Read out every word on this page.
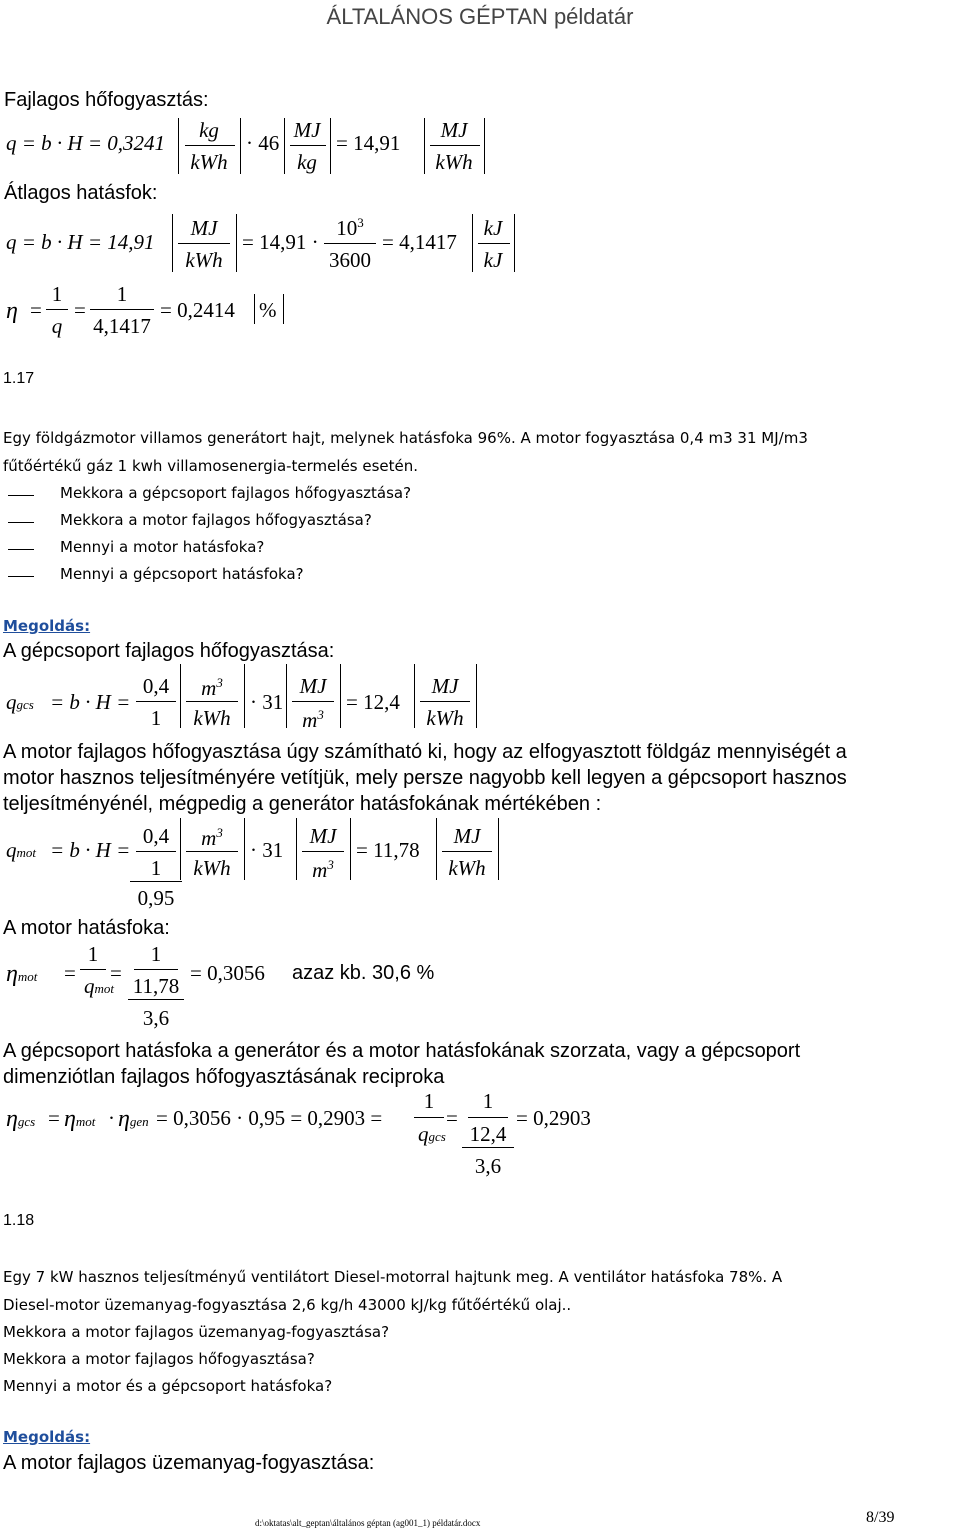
ÁLTALÁNOS GÉPTAN példatár
Fajlagos hőfogyasztás:
q = b · H = 0,3241
kg
kWh
· 46
MJ
kg
= 14,91
MJ
kWh
Átlagos hatásfok:
q = b · H = 14,91
MJ
kWh
= 14,91 ·
$10^3$
3600
= 4,1417
kJ
kJ
η =
1
q
=
1
4,1417
= 0,2414 %
1.17
Egy földgázmotor villamos generátort hajt, melynek hatásfoka 96%. A motor fogyasztása 0,4 m3 31 MJ/m3
fűtőértékű gáz 1 kwh villamosenergia-termelés esetén.
Mekkora a gépcsoport fajlagos hőfogyasztása?
Mekkora a motor fajlagos hőfogyasztása?
Mennyi a motor hatásfoka?
Mennyi a gépcsoport hatásfoka?
Megoldás:
A gépcsoport fajlagos hőfogyasztása:
qgcs = b · H =
0,4
1
$m^3$
kWh
· 31
MJ
$m^3$
= 12,4
MJ
kWh
A motor fajlagos hőfogyasztása úgy számítható ki, hogy az elfogyasztott földgáz mennyiségét a
motor hasznos teljesítményére vetítjük, mely persze nagyobb kell legyen a gépcsoport hasznos
teljesítményénél, mégpedig a generátor hatásfokának mértékében :
qmot = b · H =
0,4
1
0,95
$m^3$
kWh
· 31
MJ
$m^3$
= 11,78
MJ
kWh
A motor hatásfoka:
ηmot =
1
qmot
=
1
11,78
3,6
= 0,3056 azaz kb. 30,6 %
A gépcsoport hatásfoka a generátor és a motor hatásfokának szorzata, vagy a gépcsoport
dimenziótlan fajlagos hőfogyasztásának reciproka
ηgcs = ηmot · ηgen = 0,3056 · 0,95 = 0,2903 =
1
qgcs
=
1
12,4
3,6
= 0,2903
1.18
Egy 7 kW hasznos teljesítményű ventilátort Diesel-motorral hajtunk meg. A ventilátor hatásfoka 78%. A
Diesel-motor üzemanyag-fogyasztása 2,6 kg/h 43000 kJ/kg fűtőértékű olaj..
Mekkora a motor fajlagos üzemanyag-fogyasztása?
Mekkora a motor fajlagos hőfogyasztása?
Mennyi a motor és a gépcsoport hatásfoka?
Megoldás:
A motor fajlagos üzemanyag-fogyasztása:
d:\oktatas\alt_geptan\általános géptan (ag001_1) példatár.docx	8/39
